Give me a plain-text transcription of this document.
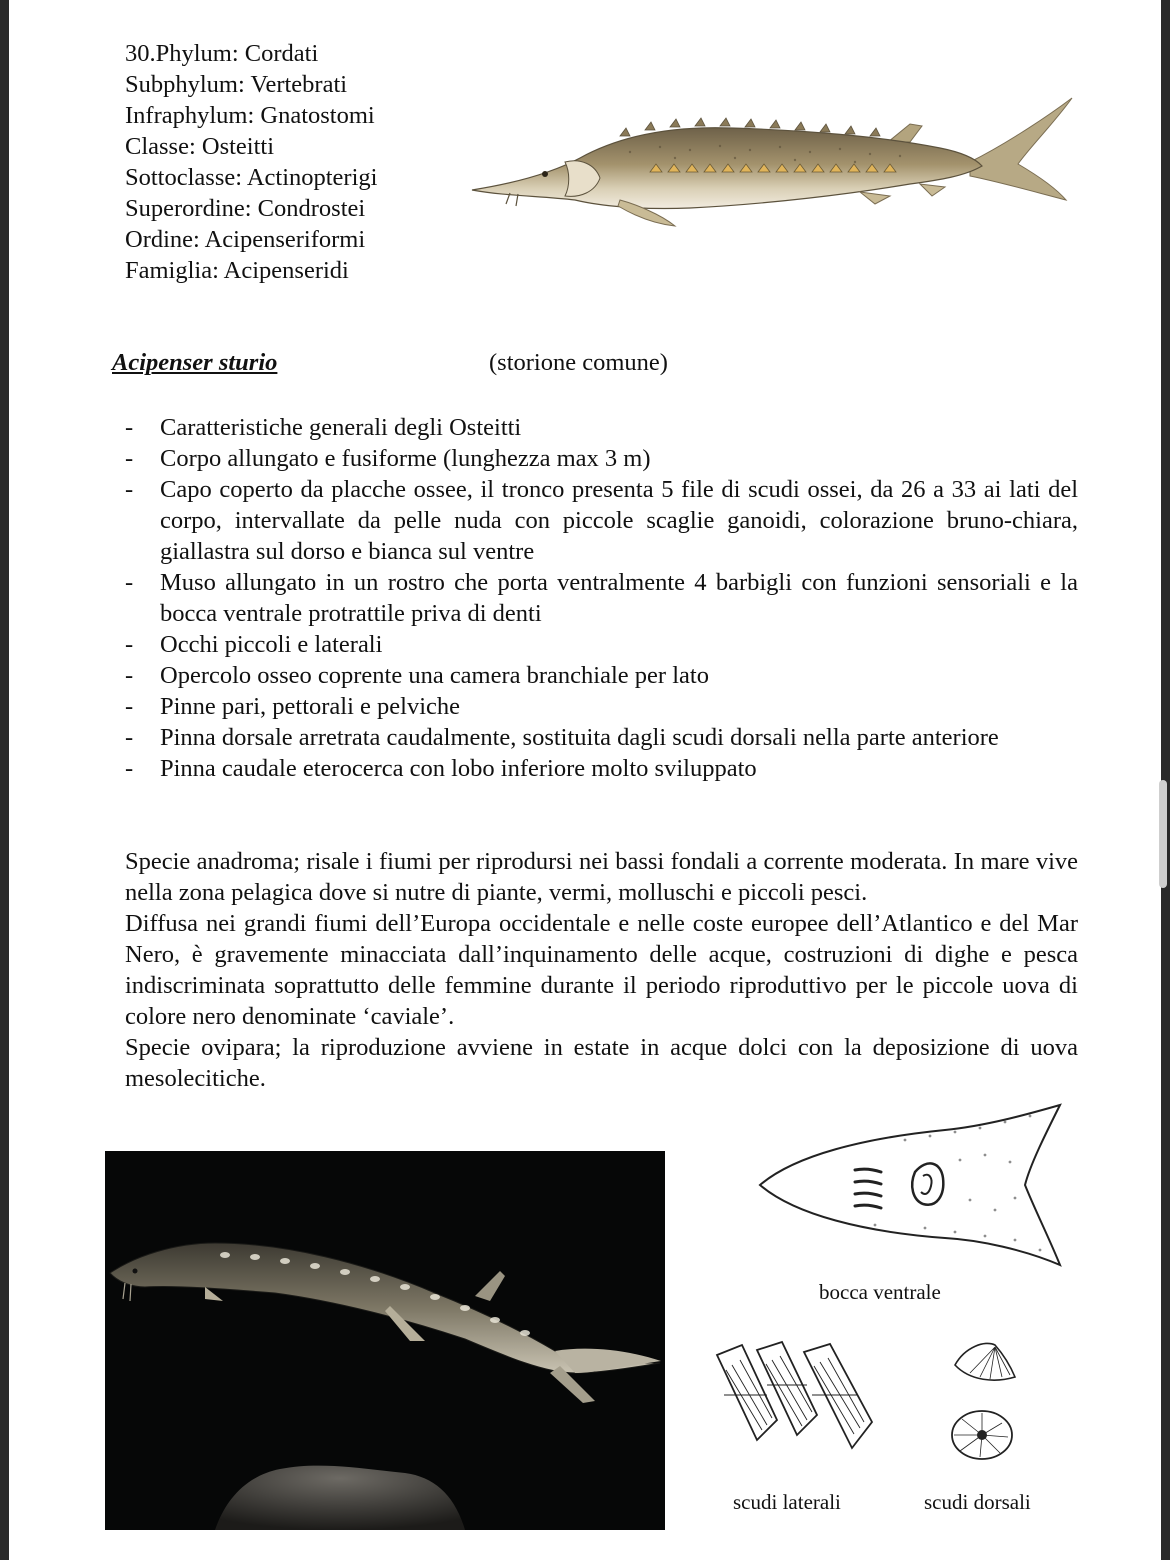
30.Phylum: Cordati
Subphylum: Vertebrati
Infraphylum: Gnatostomi
Classe: Osteitti
Sottoclasse: Actinopterigi
Superordine: Condrostei
Ordine: Acipenseriformi
Famiglia: Acipenseridi
Acipenser sturio	(storione comune)
- Caratteristiche generali degli Osteitti
- Corpo allungato e fusiforme (lunghezza max 3 m)
- Capo coperto da placche ossee, il tronco presenta 5 file di scudi ossei, da 26 a 33 ai lati del corpo, intervallate da pelle nuda con piccole scaglie ganoidi, colorazione bruno-chiara, giallastra sul dorso e bianca sul ventre
- Muso allungato in un rostro che porta ventralmente 4 barbigli con funzioni sensoriali e la bocca ventrale protrattile priva di denti
- Occhi piccoli e laterali
- Opercolo osseo coprente una camera branchiale per lato
- Pinne pari, pettorali e pelviche
- Pinna dorsale arretrata caudalmente, sostituita dagli scudi dorsali nella parte anteriore
- Pinna caudale eterocerca con lobo inferiore molto sviluppato

Specie anadroma; risale i fiumi per riprodursi nei bassi fondali a corrente moderata. In mare vive nella zona pelagica dove si nutre di piante, vermi, molluschi e piccoli pesci.

Diffusa nei grandi fiumi dell’Europa occidentale e nelle coste europee dell’Atlantico e del Mar Nero, è gravemente minacciata dall’inquinamento delle acque, costruzioni di dighe e pesca indiscriminata soprattutto delle femmine durante il periodo riproduttivo per le piccole uova di colore nero denominate ‘caviale’.

Specie ovipara; la riproduzione avviene in estate in acque dolci con la deposizione di uova mesolecitiche.

bocca ventrale
scudi laterali	scudi dorsali
